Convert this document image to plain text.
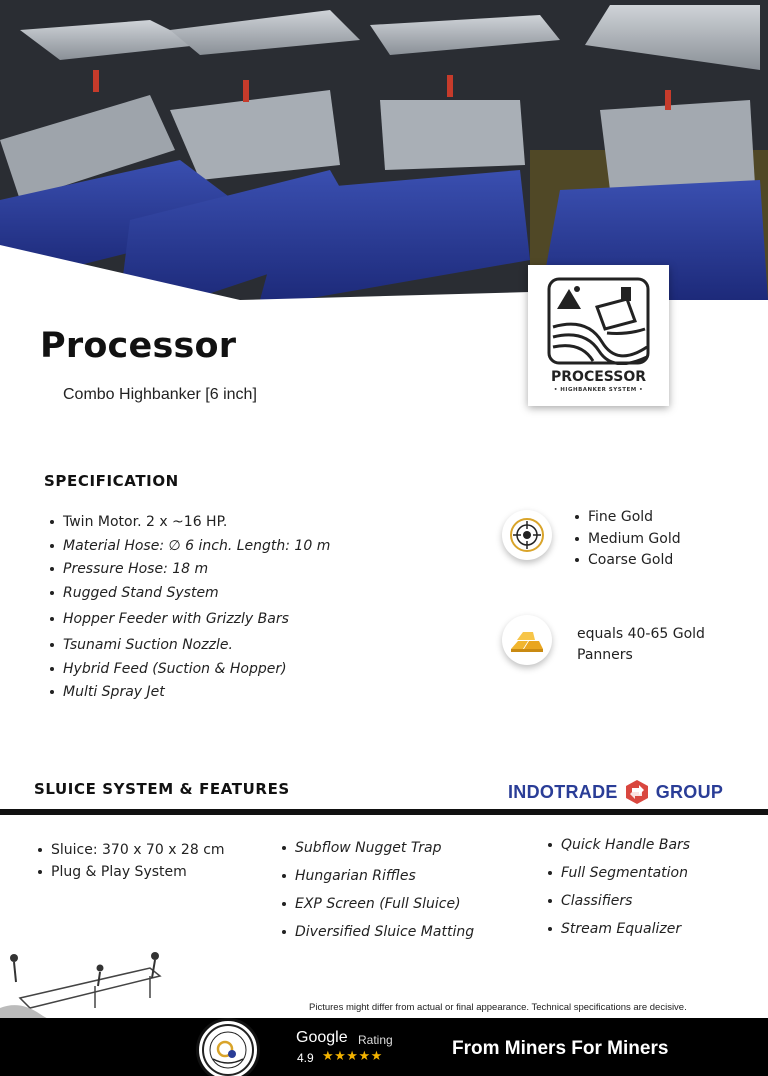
PROCESSOR
• HIGHBANKER SYSTEM •
Processor
Combo Highbanker [6 inch]
SPECIFICATION
Twin Motor. 2 x ~16 HP.
Material Hose: ∅ 6 inch. Length: 10 m
Pressure Hose: 18 m
Rugged Stand System
Hopper Feeder with Grizzly Bars
Tsunami Suction Nozzle.
Hybrid Feed (Suction & Hopper)
Multi Spray Jet
Fine Gold
Medium Gold
Coarse Gold
equals 40-65 Gold Panners
SLUICE SYSTEM & FEATURES	INDOTRADE GROUP
Sluice: 370 x 70 x 28 cm
Plug & Play System
Subflow Nugget Trap
Hungarian Riffles
EXP Screen (Full Sluice)
Diversified Sluice Matting
Quick Handle Bars
Full Segmentation
Classifiers
Stream Equalizer
Pictures might differ from actual or final appearance. Technical specifications are decisive.
Google Rating
4.9 ★★★★★	From Miners For Miners
